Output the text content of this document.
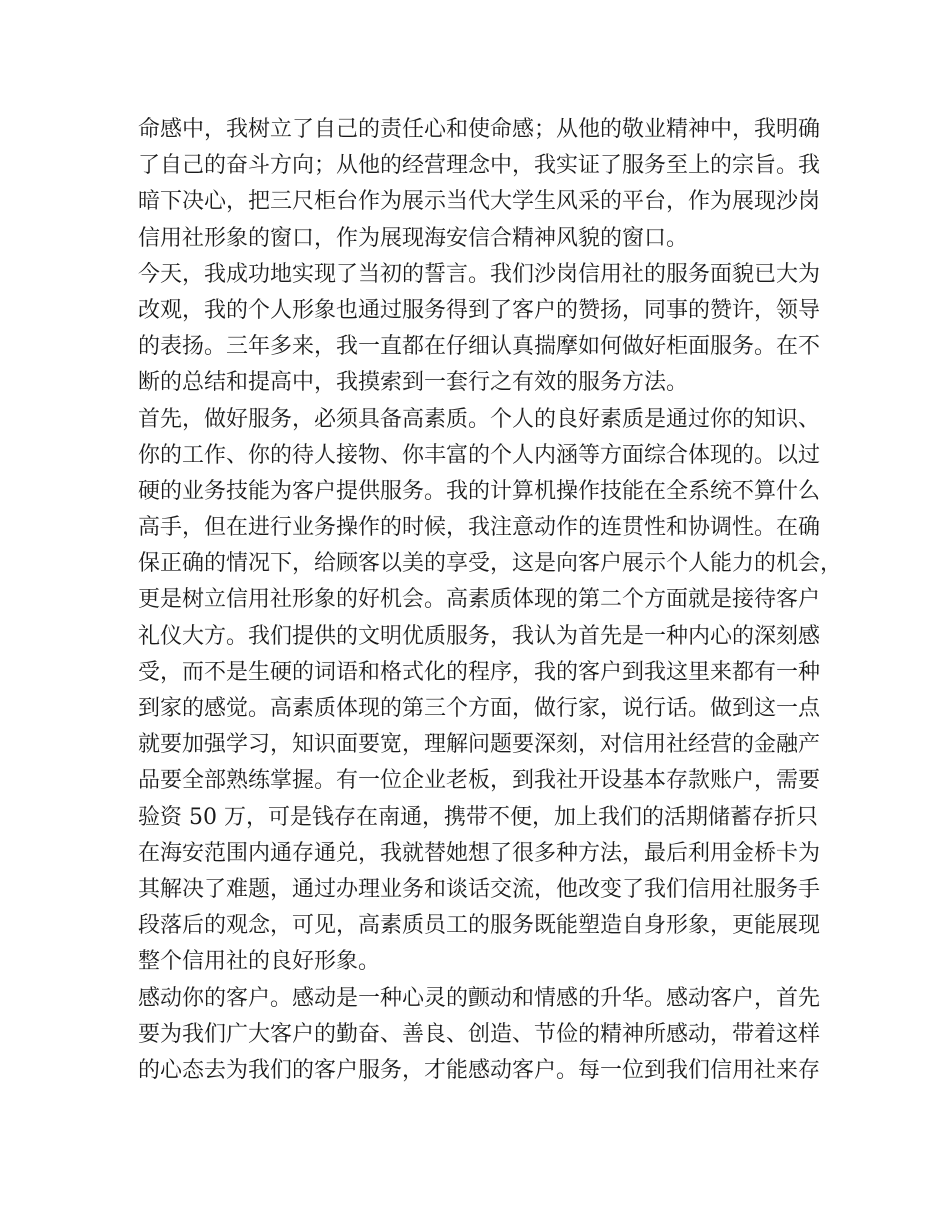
命感中，我树立了自己的责任心和使命感；从他的敬业精神中，我明确
了自己的奋斗方向；从他的经营理念中，我实证了服务至上的宗旨。我
暗下决心，把三尺柜台作为展示当代大学生风采的平台，作为展现沙岗
信用社形象的窗口，作为展现海安信合精神风貌的窗口。
今天，我成功地实现了当初的誓言。我们沙岗信用社的服务面貌已大为
改观，我的个人形象也通过服务得到了客户的赞扬，同事的赞许，领导
的表扬。三年多来，我一直都在仔细认真揣摩如何做好柜面服务。在不
断的总结和提高中，我摸索到一套行之有效的服务方法。
首先，做好服务，必须具备高素质。个人的良好素质是通过你的知识、
你的工作、你的待人接物、你丰富的个人内涵等方面综合体现的。以过
硬的业务技能为客户提供服务。我的计算机操作技能在全系统不算什么
高手，但在进行业务操作的时候，我注意动作的连贯性和协调性。在确
保正确的情况下，给顾客以美的享受，这是向客户展示个人能力的机会，
更是树立信用社形象的好机会。高素质体现的第二个方面就是接待客户
礼仪大方。我们提供的文明优质服务，我认为首先是一种内心的深刻感
受，而不是生硬的词语和格式化的程序，我的客户到我这里来都有一种
到家的感觉。高素质体现的第三个方面，做行家，说行话。做到这一点
就要加强学习，知识面要宽，理解问题要深刻，对信用社经营的金融产
品要全部熟练掌握。有一位企业老板，到我社开设基本存款账户，需要
验资 50 万，可是钱存在南通，携带不便，加上我们的活期储蓄存折只
在海安范围内通存通兑，我就替她想了很多种方法，最后利用金桥卡为
其解决了难题，通过办理业务和谈话交流，他改变了我们信用社服务手
段落后的观念，可见，高素质员工的服务既能塑造自身形象，更能展现
整个信用社的良好形象。
感动你的客户。感动是一种心灵的颤动和情感的升华。感动客户，首先
要为我们广大客户的勤奋、善良、创造、节俭的精神所感动，带着这样
的心态去为我们的客户服务，才能感动客户。每一位到我们信用社来存
